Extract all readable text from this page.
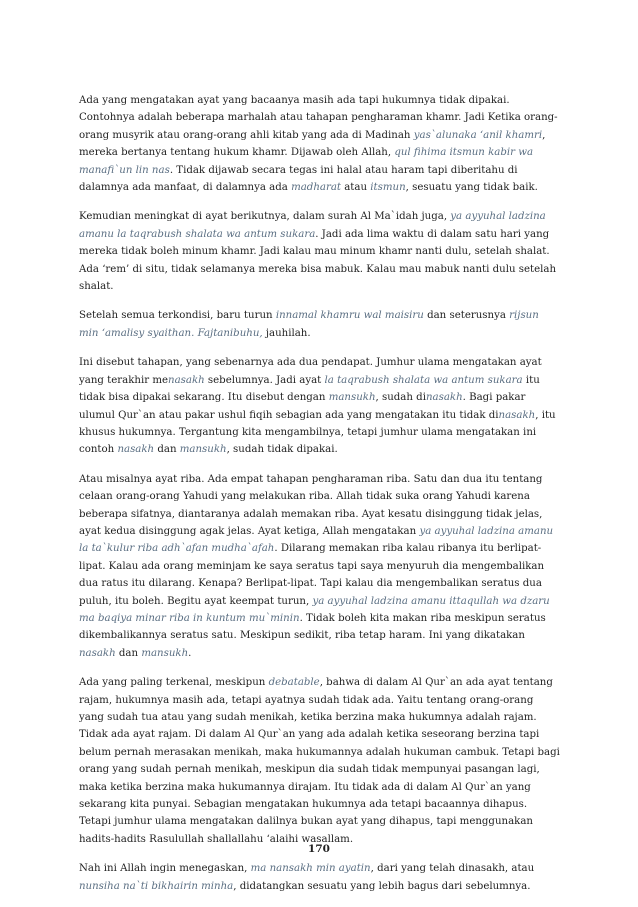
Ada yang mengatakan ayat yang bacaanya masih ada tapi hukumnya tidak dipakai. Contohnya adalah beberapa marhalah atau tahapan pengharaman khamr. Jadi Ketika orang-orang musyrik atau orang-orang ahli kitab yang ada di Madinah yas`alunaka ‘anil khamri, mereka bertanya tentang hukum khamr. Dijawab oleh Allah, qul fihima itsmun kabir wa manafi`un lin nas. Tidak dijawab secara tegas ini halal atau haram tapi diberitahu di dalamnya ada manfaat, di dalamnya ada madharat atau itsmun, sesuatu yang tidak baik.

Kemudian meningkat di ayat berikutnya, dalam surah Al Ma`idah juga, ya ayyuhal ladzina amanu la taqrabush shalata wa antum sukara. Jadi ada lima waktu di dalam satu hari yang mereka tidak boleh minum khamr. Jadi kalau mau minum khamr nanti dulu, setelah shalat. Ada ‘rem’ di situ, tidak selamanya mereka bisa mabuk. Kalau mau mabuk nanti dulu setelah shalat.

Setelah semua terkondisi, baru turun innamal khamru wal maisiru dan seterusnya rijsun min ‘amalisy syaithan. Fajtanibuhu, jauhilah.

Ini disebut tahapan, yang sebenarnya ada dua pendapat. Jumhur ulama mengatakan ayat yang terakhir menasakh sebelumnya. Jadi ayat la taqrabush shalata wa antum sukara itu tidak bisa dipakai sekarang. Itu disebut dengan mansukh, sudah dinasakh. Bagi pakar ulumul Qur`an atau pakar ushul fiqih sebagian ada yang mengatakan itu tidak dinasakh, itu khusus hukumnya. Tergantung kita mengambilnya, tetapi jumhur ulama mengatakan ini contoh nasakh dan mansukh, sudah tidak dipakai.

Atau misalnya ayat riba. Ada empat tahapan pengharaman riba. Satu dan dua itu tentang celaan orang-orang Yahudi yang melakukan riba. Allah tidak suka orang Yahudi karena beberapa sifatnya, diantaranya adalah memakan riba. Ayat kesatu disinggung tidak jelas, ayat kedua disinggung agak jelas. Ayat ketiga, Allah mengatakan ya ayyuhal ladzina amanu la ta`kulur riba adh`afan mudha`afah. Dilarang memakan riba kalau ribanya itu berlipat-lipat. Kalau ada orang meminjam ke saya seratus tapi saya menyuruh dia mengembalikan dua ratus itu dilarang. Kenapa? Berlipat-lipat. Tapi kalau dia mengembalikan seratus dua puluh, itu boleh. Begitu ayat keempat turun, ya ayyuhal ladzina amanu ittaqullah wa dzaru ma baqiya minar riba in kuntum mu`minin. Tidak boleh kita makan riba meskipun seratus dikembalikannya seratus satu. Meskipun sedikit, riba tetap haram. Ini yang dikatakan nasakh dan mansukh.

Ada yang paling terkenal, meskipun debatable, bahwa di dalam Al Qur`an ada ayat tentang rajam, hukumnya masih ada, tetapi ayatnya sudah tidak ada. Yaitu tentang orang-orang yang sudah tua atau yang sudah menikah, ketika berzina maka hukumnya adalah rajam. Tidak ada ayat rajam. Di dalam Al Qur`an yang ada adalah ketika seseorang berzina tapi belum pernah merasakan menikah, maka hukumannya adalah hukuman cambuk. Tetapi bagi orang yang sudah pernah menikah, meskipun dia sudah tidak mempunyai pasangan lagi, maka ketika berzina maka hukumannya dirajam. Itu tidak ada di dalam Al Qur`an yang sekarang kita punyai. Sebagian mengatakan hukumnya ada tetapi bacaannya dihapus. Tetapi jumhur ulama mengatakan dalilnya bukan ayat yang dihapus, tapi menggunakan hadits-hadits Rasulullah shallallahu ‘alaihi wasallam.

Nah ini Allah ingin menegaskan, ma nansakh min ayatin, dari yang telah dinasakh, atau nunsiha na`ti bikhairin minha, didatangkan sesuatu yang lebih bagus dari sebelumnya.

170
